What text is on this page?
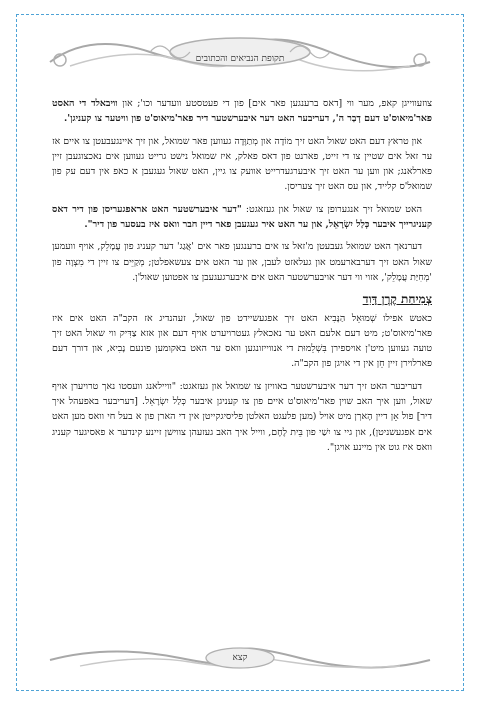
תקופת הנביאים והכתובים

צוזעווייגן קאפ, מער ווי [דאס ברענגען פאר אים] פון די פעטסטע וועדער וכו'; און וויבאלד די האסט פאר'מיאוס'ט דעם דְבַר ה', דעריבער האט דער איבערשטער דיר פאר'מיאוס'ט פון וויטער צו קעניגן'.

און טראץ דעם האט שאול האט זיך מוֹדֶה און מְתַוֶּדֶה געווען פאר שמואל, און זיך איינגעבעטן צו איים אז ער זאל אים שטיין צו די זייט, פארנט פון דאס פאלק, איז שמואל נישט גרייט געווען אים נאכצוגעבן זיין פארלאנג; און ווען ער האט זיך איבערגעדרייט אוועק צו גיין, האט שאול געגעבן א כאפ אין דעם עק פון שמואל'ס קלייד, און עס האט זיך צעריסן.

האט שמואל זיך אנגערופן צו שאול און געזאגט: "דער איבערשטער האט אראפגעריסן פון דיר דאס קעניגרייך איבער כְּלַל יִשְׂרָאֵל, און ער האט איר געגעבן פאר דיין חבר וואס איז בעסער פון דיר".

דערנאך האט שמואל געבעטן מ'זאל צו אים ברענגען פאר אים 'אֲגַג' דער קעניג פון עֲמָלֵק, אויף וועמען שאול האט זיך דערבארעמט און געלאזט לעבן, און ער האט אים צעשאפלטן; מְקַיֵּים צו זיין די מִצְוָה פון 'מְחִיַּת עֲמָלֵק', אזוי ווי דער אויבערשטער האט אים איבערגעגעבן צו אפטוען שאול'ן.

צְמִיחַת קֶרֶן דָּוִד

כאטש אפילו שְׁמוּאֵל הַנָּבִיא האט זיך אפגעשיידט פון שאול, זעהנדיג אז הקב"ה האט אים איז פאר'מיאוס'ט; מיט דעם אלעם האט ער נאכאלץ געטרויערט אויף דעם און אזא צַדִּיק ווי שאול האט זיך טועה געווען מיט'ן אויספירן בִּשְׁלֵמוּת די אנווייזונגען וואס ער האט באקומען פונעם נָבִיא, און דורך דעם פארלוירן זיין חֵן אין די אויגן פון הקב"ה.

דעריבער האט זיך דער איבערשטער באוויזן צו שמואל און געזאגט: "וויילאנג וועסטו נאך טרויערן אויף שאול, ווען איך האב שוין פאר'מיאוס'ט איים פון צו קעניגן איבער כְּלַל יִשְׂרָאֵל. [דעריבער באפעהל איך דיר] פול אָן דיין הָארְן מיט אויל (מען פלעגט האלטן פליסיגקייטן אין די הארן פון א בעל חי וואס מען האט אים אפגעשניטן), און גיי צו יִשַׁי פון בֵּית לֶחֶם, ווייל איך האב געזעהן צווישן זיינע קינדער א פאסיגער קעניג וואס איז גוט אין מיינע אויגן".

קצא
